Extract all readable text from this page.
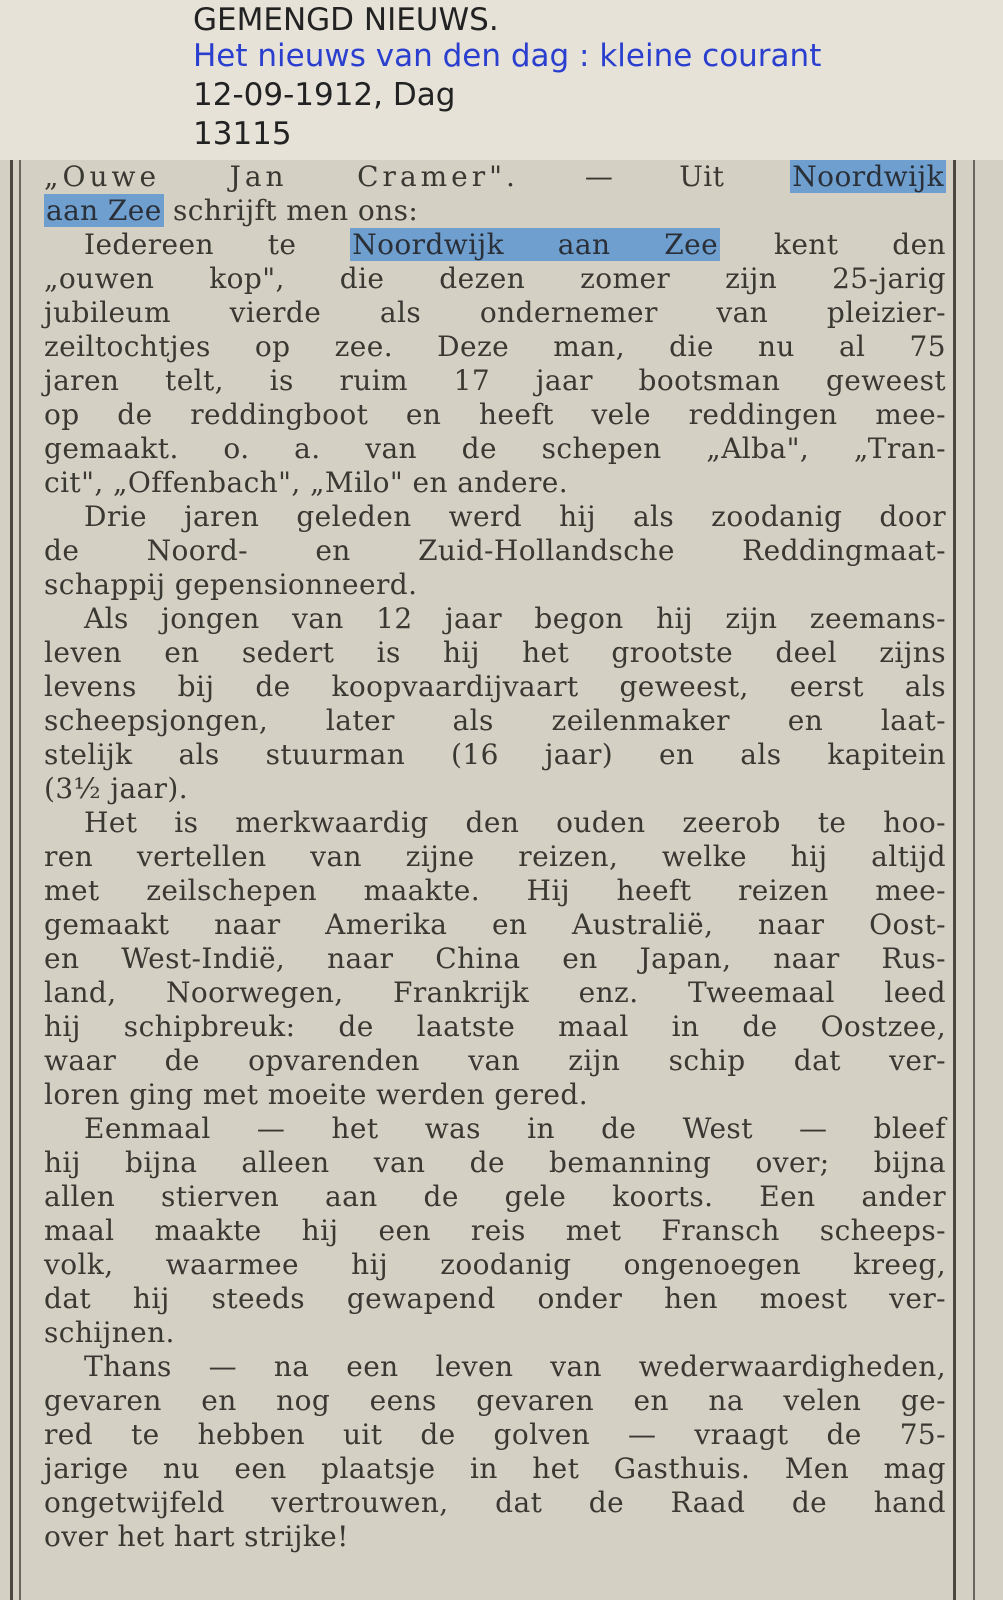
GEMENGD NIEUWS.
Het nieuws van den dag : kleine courant
12-09-1912, Dag
13115
„Ouwe Jan Cramer". — Uit Noordwijk
aan Zee schrijft men ons:
Iedereen te Noordwijk aan Zee kent den
„ouwen kop", die dezen zomer zijn 25-jarig
jubileum vierde als ondernemer van pleizier-
zeiltochtjes op zee. Deze man, die nu al 75
jaren telt, is ruim 17 jaar bootsman geweest
op de reddingboot en heeft vele reddingen mee-
gemaakt. o. a. van de schepen „Alba", „Tran-
cit", „Offenbach", „Milo" en andere.
Drie jaren geleden werd hij als zoodanig door
de Noord- en Zuid-Hollandsche Reddingmaat-
schappij gepensionneerd.
Als jongen van 12 jaar begon hij zijn zeemans-
leven en sedert is hij het grootste deel zijns
levens bij de koopvaardijvaart geweest, eerst als
scheepsjongen, later als zeilenmaker en laat-
stelijk als stuurman (16 jaar) en als kapitein
(3½ jaar).
Het is merkwaardig den ouden zeerob te hoo-
ren vertellen van zijne reizen, welke hij altijd
met zeilschepen maakte. Hij heeft reizen mee-
gemaakt naar Amerika en Australië, naar Oost-
en West-Indië, naar China en Japan, naar Rus-
land, Noorwegen, Frankrijk enz. Tweemaal leed
hij schipbreuk: de laatste maal in de Oostzee,
waar de opvarenden van zijn schip dat ver-
loren ging met moeite werden gered.
Eenmaal — het was in de West — bleef
hij bijna alleen van de bemanning over; bijna
allen stierven aan de gele koorts. Een ander
maal maakte hij een reis met Fransch scheeps-
volk, waarmee hij zoodanig ongenoegen kreeg,
dat hij steeds gewapend onder hen moest ver-
schijnen.
Thans — na een leven van wederwaardigheden,
gevaren en nog eens gevaren en na velen ge-
red te hebben uit de golven — vraagt de 75-
jarige nu een plaatsje in het Gasthuis. Men mag
ongetwijfeld vertrouwen, dat de Raad de hand
over het hart strijke!
